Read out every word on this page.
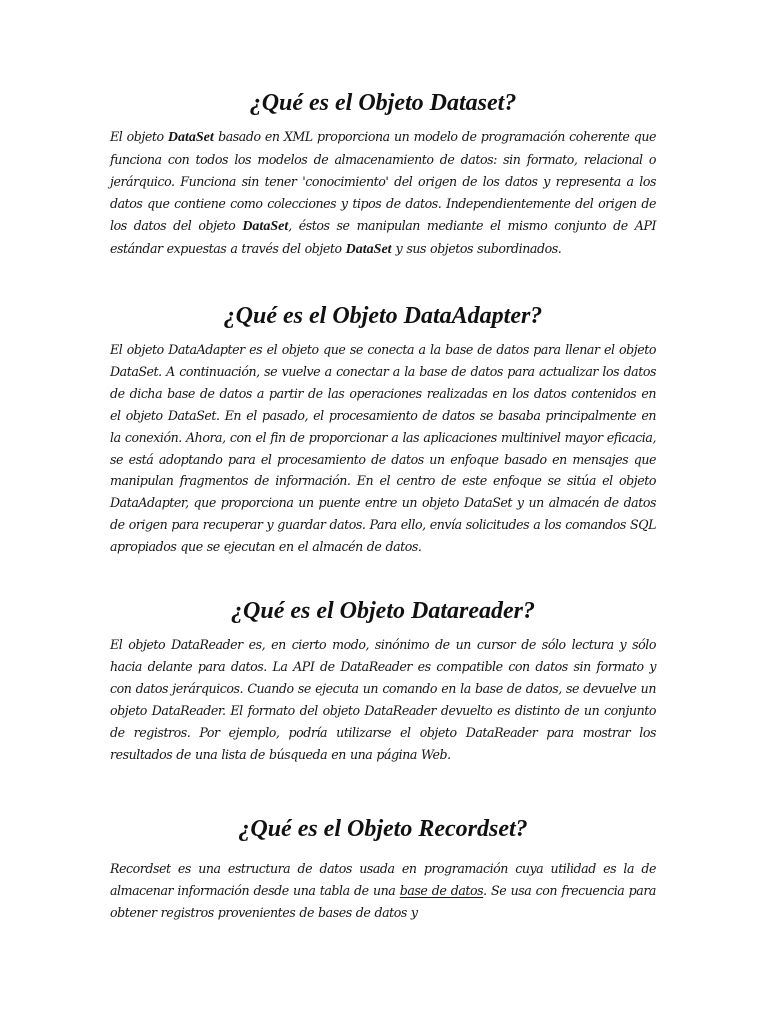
¿Qué es el Objeto Dataset?

El objeto DataSet basado en XML proporciona un modelo de programación coherente que funciona con todos los modelos de almacenamiento de datos: sin formato, relacional o jerárquico. Funciona sin tener 'conocimiento' del origen de los datos y representa a los datos que contiene como colecciones y tipos de datos. Independientemente del origen de los datos del objeto DataSet, éstos se manipulan mediante el mismo conjunto de API estándar expuestas a través del objeto DataSet y sus objetos subordinados.

¿Qué es el Objeto DataAdapter?

El objeto DataAdapter es el objeto que se conecta a la base de datos para llenar el objeto DataSet. A continuación, se vuelve a conectar a la base de datos para actualizar los datos de dicha base de datos a partir de las operaciones realizadas en los datos contenidos en el objeto DataSet. En el pasado, el procesamiento de datos se basaba principalmente en la conexión. Ahora, con el fin de proporcionar a las aplicaciones multinivel mayor eficacia, se está adoptando para el procesamiento de datos un enfoque basado en mensajes que manipulan fragmentos de información. En el centro de este enfoque se sitúa el objeto DataAdapter, que proporciona un puente entre un objeto DataSet y un almacén de datos de origen para recuperar y guardar datos. Para ello, envía solicitudes a los comandos SQL apropiados que se ejecutan en el almacén de datos.

¿Qué es el Objeto Datareader?

El objeto DataReader es, en cierto modo, sinónimo de un cursor de sólo lectura y sólo hacia delante para datos. La API de DataReader es compatible con datos sin formato y con datos jerárquicos. Cuando se ejecuta un comando en la base de datos, se devuelve un objeto DataReader. El formato del objeto DataReader devuelto es distinto de un conjunto de registros. Por ejemplo, podría utilizarse el objeto DataReader para mostrar los resultados de una lista de búsqueda en una página Web.

¿Qué es el Objeto Recordset?

Recordset es una estructura de datos usada en programación cuya utilidad es la de almacenar información desde una tabla de una base de datos. Se usa con frecuencia para obtener registros provenientes de bases de datos y
